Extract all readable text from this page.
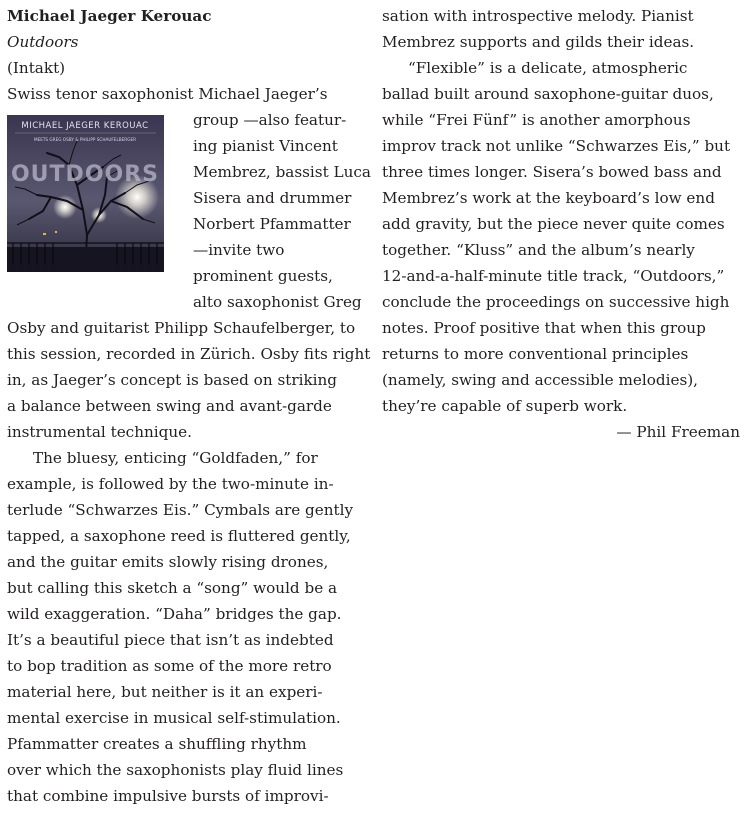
Michael Jaeger Kerouac
Outdoors
(Intakt)
Swiss tenor saxophonist Michael Jaeger’s
MICHAEL JAEGER KEROUAC
MEETS GREG OSBY & PHILIPP SCHAUFELBERGER
OUTDOORS
group —also featur-
ing pianist Vincent
Membrez, bassist Luca
Sisera and drummer
Norbert Pfammatter
—invite two
prominent guests,
alto saxophonist Greg
Osby and guitarist Philipp Schaufelberger, to
this session, recorded in Zürich. Osby fits right
in, as Jaeger’s concept is based on striking
a balance between swing and avant-garde
instrumental technique.
The bluesy, enticing “Goldfaden,” for
example, is followed by the two-minute in-
terlude “Schwarzes Eis.” Cymbals are gently
tapped, a saxophone reed is fluttered gently,
and the guitar emits slowly rising drones,
but calling this sketch a “song” would be a
wild exaggeration. “Daha” bridges the gap.
It’s a beautiful piece that isn’t as indebted
to bop tradition as some of the more retro
material here, but neither is it an experi-
mental exercise in musical self-stimulation.
Pfammatter creates a shuffling rhythm
over which the saxophonists play fluid lines
that combine impulsive bursts of improvi-
sation with introspective melody. Pianist
Membrez supports and gilds their ideas.
“Flexible” is a delicate, atmospheric
ballad built around saxophone-guitar duos,
while “Frei Fünf” is another amorphous
improv track not unlike “Schwarzes Eis,” but
three times longer. Sisera’s bowed bass and
Membrez’s work at the keyboard’s low end
add gravity, but the piece never quite comes
together. “Kluss” and the album’s nearly
12-and-a-half-minute title track, “Outdoors,”
conclude the proceedings on successive high
notes. Proof positive that when this group
returns to more conventional principles
(namely, swing and accessible melodies),
they’re capable of superb work.
— Phil Freeman
